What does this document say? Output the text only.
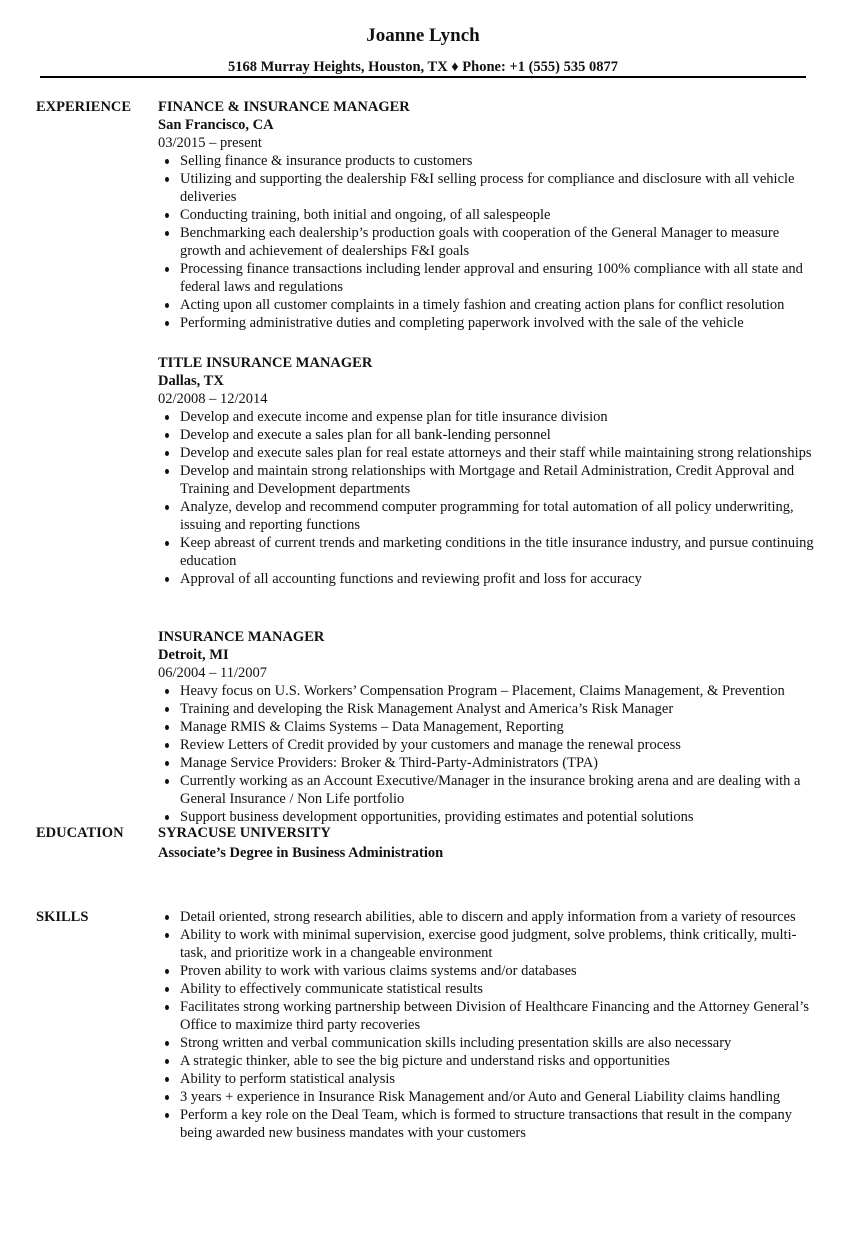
Joanne Lynch
5168 Murray Heights, Houston, TX ♦ Phone: +1 (555) 535 0877
EXPERIENCE FINANCE & INSURANCE MANAGER
San Francisco, CA
03/2015 – present
Selling finance & insurance products to customers
Utilizing and supporting the dealership F&I selling process for compliance and disclosure with all vehicle deliveries
Conducting training, both initial and ongoing, of all salespeople
Benchmarking each dealership’s production goals with cooperation of the General Manager to measure growth and achievement of dealerships F&I goals
Processing finance transactions including lender approval and ensuring 100% compliance with all state and federal laws and regulations
Acting upon all customer complaints in a timely fashion and creating action plans for conflict resolution
Performing administrative duties and completing paperwork involved with the sale of the vehicle
TITLE INSURANCE MANAGER
Dallas, TX
02/2008 – 12/2014
Develop and execute income and expense plan for title insurance division
Develop and execute a sales plan for all bank-lending personnel
Develop and execute sales plan for real estate attorneys and their staff while maintaining strong relationships
Develop and maintain strong relationships with Mortgage and Retail Administration, Credit Approval and Training and Development departments
Analyze, develop and recommend computer programming for total automation of all policy underwriting, issuing and reporting functions
Keep abreast of current trends and marketing conditions in the title insurance industry, and pursue continuing education
Approval of all accounting functions and reviewing profit and loss for accuracy
INSURANCE MANAGER
Detroit, MI
06/2004 – 11/2007
Heavy focus on U.S. Workers’ Compensation Program – Placement, Claims Management, & Prevention
Training and developing the Risk Management Analyst and America’s Risk Manager
Manage RMIS & Claims Systems – Data Management, Reporting
Review Letters of Credit provided by your customers and manage the renewal process
Manage Service Providers: Broker & Third-Party-Administrators (TPA)
Currently working as an Account Executive/Manager in the insurance broking arena and are dealing with a General Insurance / Non Life portfolio
Support business development opportunities, providing estimates and potential solutions
EDUCATION SYRACUSE UNIVERSITY
Associate’s Degree in Business Administration
SKILLS	Detail oriented, strong research abilities, able to discern and apply information from a variety of resources
Ability to work with minimal supervision, exercise good judgment, solve problems, think critically, multi-task, and prioritize work in a changeable environment
Proven ability to work with various claims systems and/or databases
Ability to effectively communicate statistical results
Facilitates strong working partnership between Division of Healthcare Financing and the Attorney General’s Office to maximize third party recoveries
Strong written and verbal communication skills including presentation skills are also necessary
A strategic thinker, able to see the big picture and understand risks and opportunities
Ability to perform statistical analysis
3 years + experience in Insurance Risk Management and/or Auto and General Liability claims handling
Perform a key role on the Deal Team, which is formed to structure transactions that result in the company being awarded new business mandates with your customers
